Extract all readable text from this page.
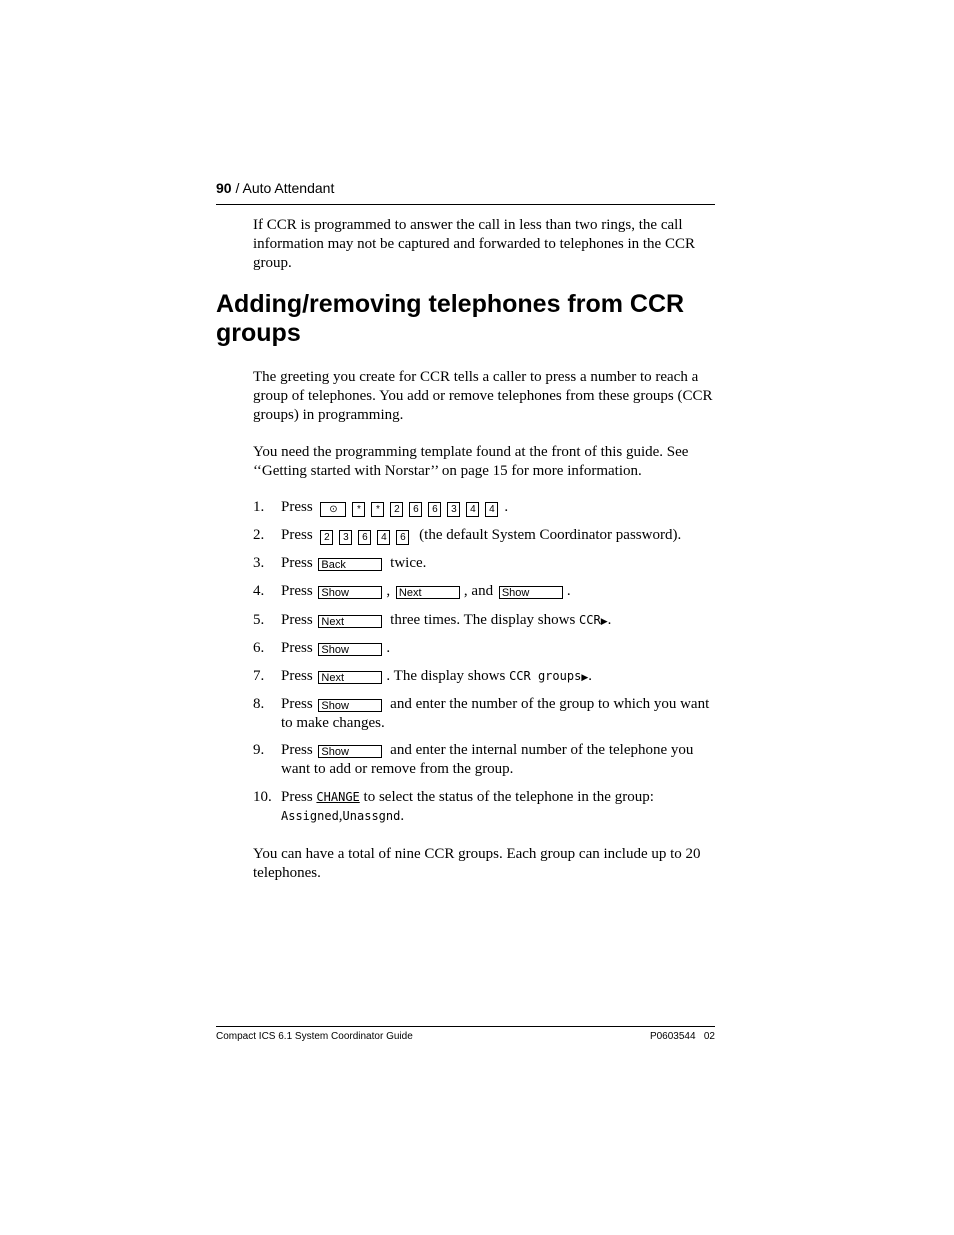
90 / Auto Attendant

If CCR is programmed to answer the call in less than two rings, the call information may not be captured and forwarded to telephones in the CCR group.

Adding/removing telephones from CCR groups

The greeting you create for CCR tells a caller to press a number to reach a group of telephones. You add or remove telephones from these groups (CCR groups) in programming.

You need the programming template found at the front of this guide. See ‘‘Getting started with Norstar’’ on page 15 for more information.

1. Press ⊙ * * 2 6 6 3 4 4 .
2. Press 2 3 6 4 6 (the default System Coordinator password).
3. Press Back	twice.
4. Press Show , Next	, and Show .
5. Press Next	three times. The display shows CCR▶.
6. Press Show .
7. Press Next	. The display shows CCR groups▶.
8. Press Show	and enter the number of the group to which you want to make changes.
9. Press Show	and enter the internal number of the telephone you want to add or remove from the group.
10. Press CHANGE to select the status of the telephone in the group:
Assigned,Unassgnd.

You can have a total of nine CCR groups. Each group can include up to 20 telephones.

Compact ICS 6.1 System Coordinator Guide	P0603544   02
